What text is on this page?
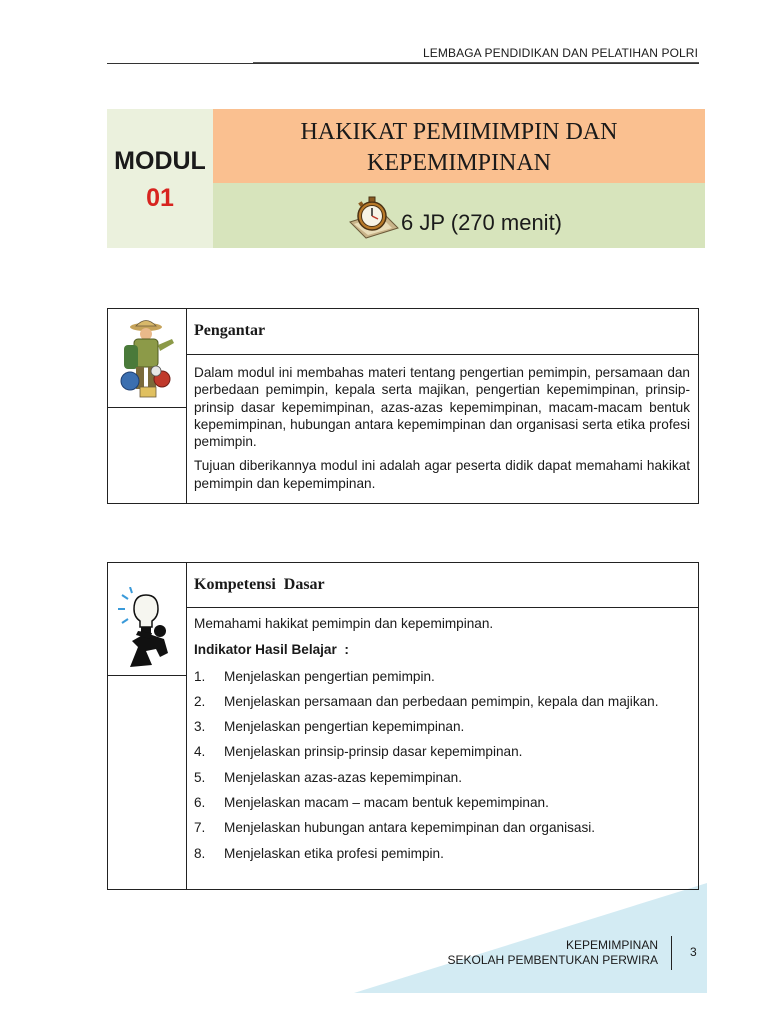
LEMBAGA PENDIDIKAN DAN PELATIHAN POLRI
MODUL
01
HAKIKAT PEMIMIMPIN DAN
KEPEMIMPINAN
6 JP (270 menit)
Pengantar

Dalam modul ini membahas materi tentang pengertian pemimpin, persamaan dan perbedaan pemimpin, kepala serta majikan, pengertian kepemimpinan, prinsip-prinsip dasar kepemimpinan, azas-azas kepemimpinan, macam-macam bentuk kepemimpinan, hubungan antara kepemimpinan dan organisasi serta etika profesi pemimpin.

Tujuan diberikannya modul ini adalah agar peserta didik dapat memahami hakikat pemimpin dan kepemimpinan.

Kompetensi  Dasar
Memahami hakikat pemimpin dan kepemimpinan.
Indikator Hasil Belajar  :
1. Menjelaskan pengertian pemimpin.
2. Menjelaskan persamaan dan perbedaan pemimpin, kepala dan majikan.
3. Menjelaskan pengertian kepemimpinan.
4. Menjelaskan prinsip-prinsip dasar kepemimpinan.
5. Menjelaskan azas-azas kepemimpinan.
6. Menjelaskan macam – macam bentuk kepemimpinan.
7. Menjelaskan hubungan antara kepemimpinan dan organisasi.
8. Menjelaskan etika profesi pemimpin.
KEPEMIMPINAN
SEKOLAH PEMBENTUKAN PERWIRA
3
